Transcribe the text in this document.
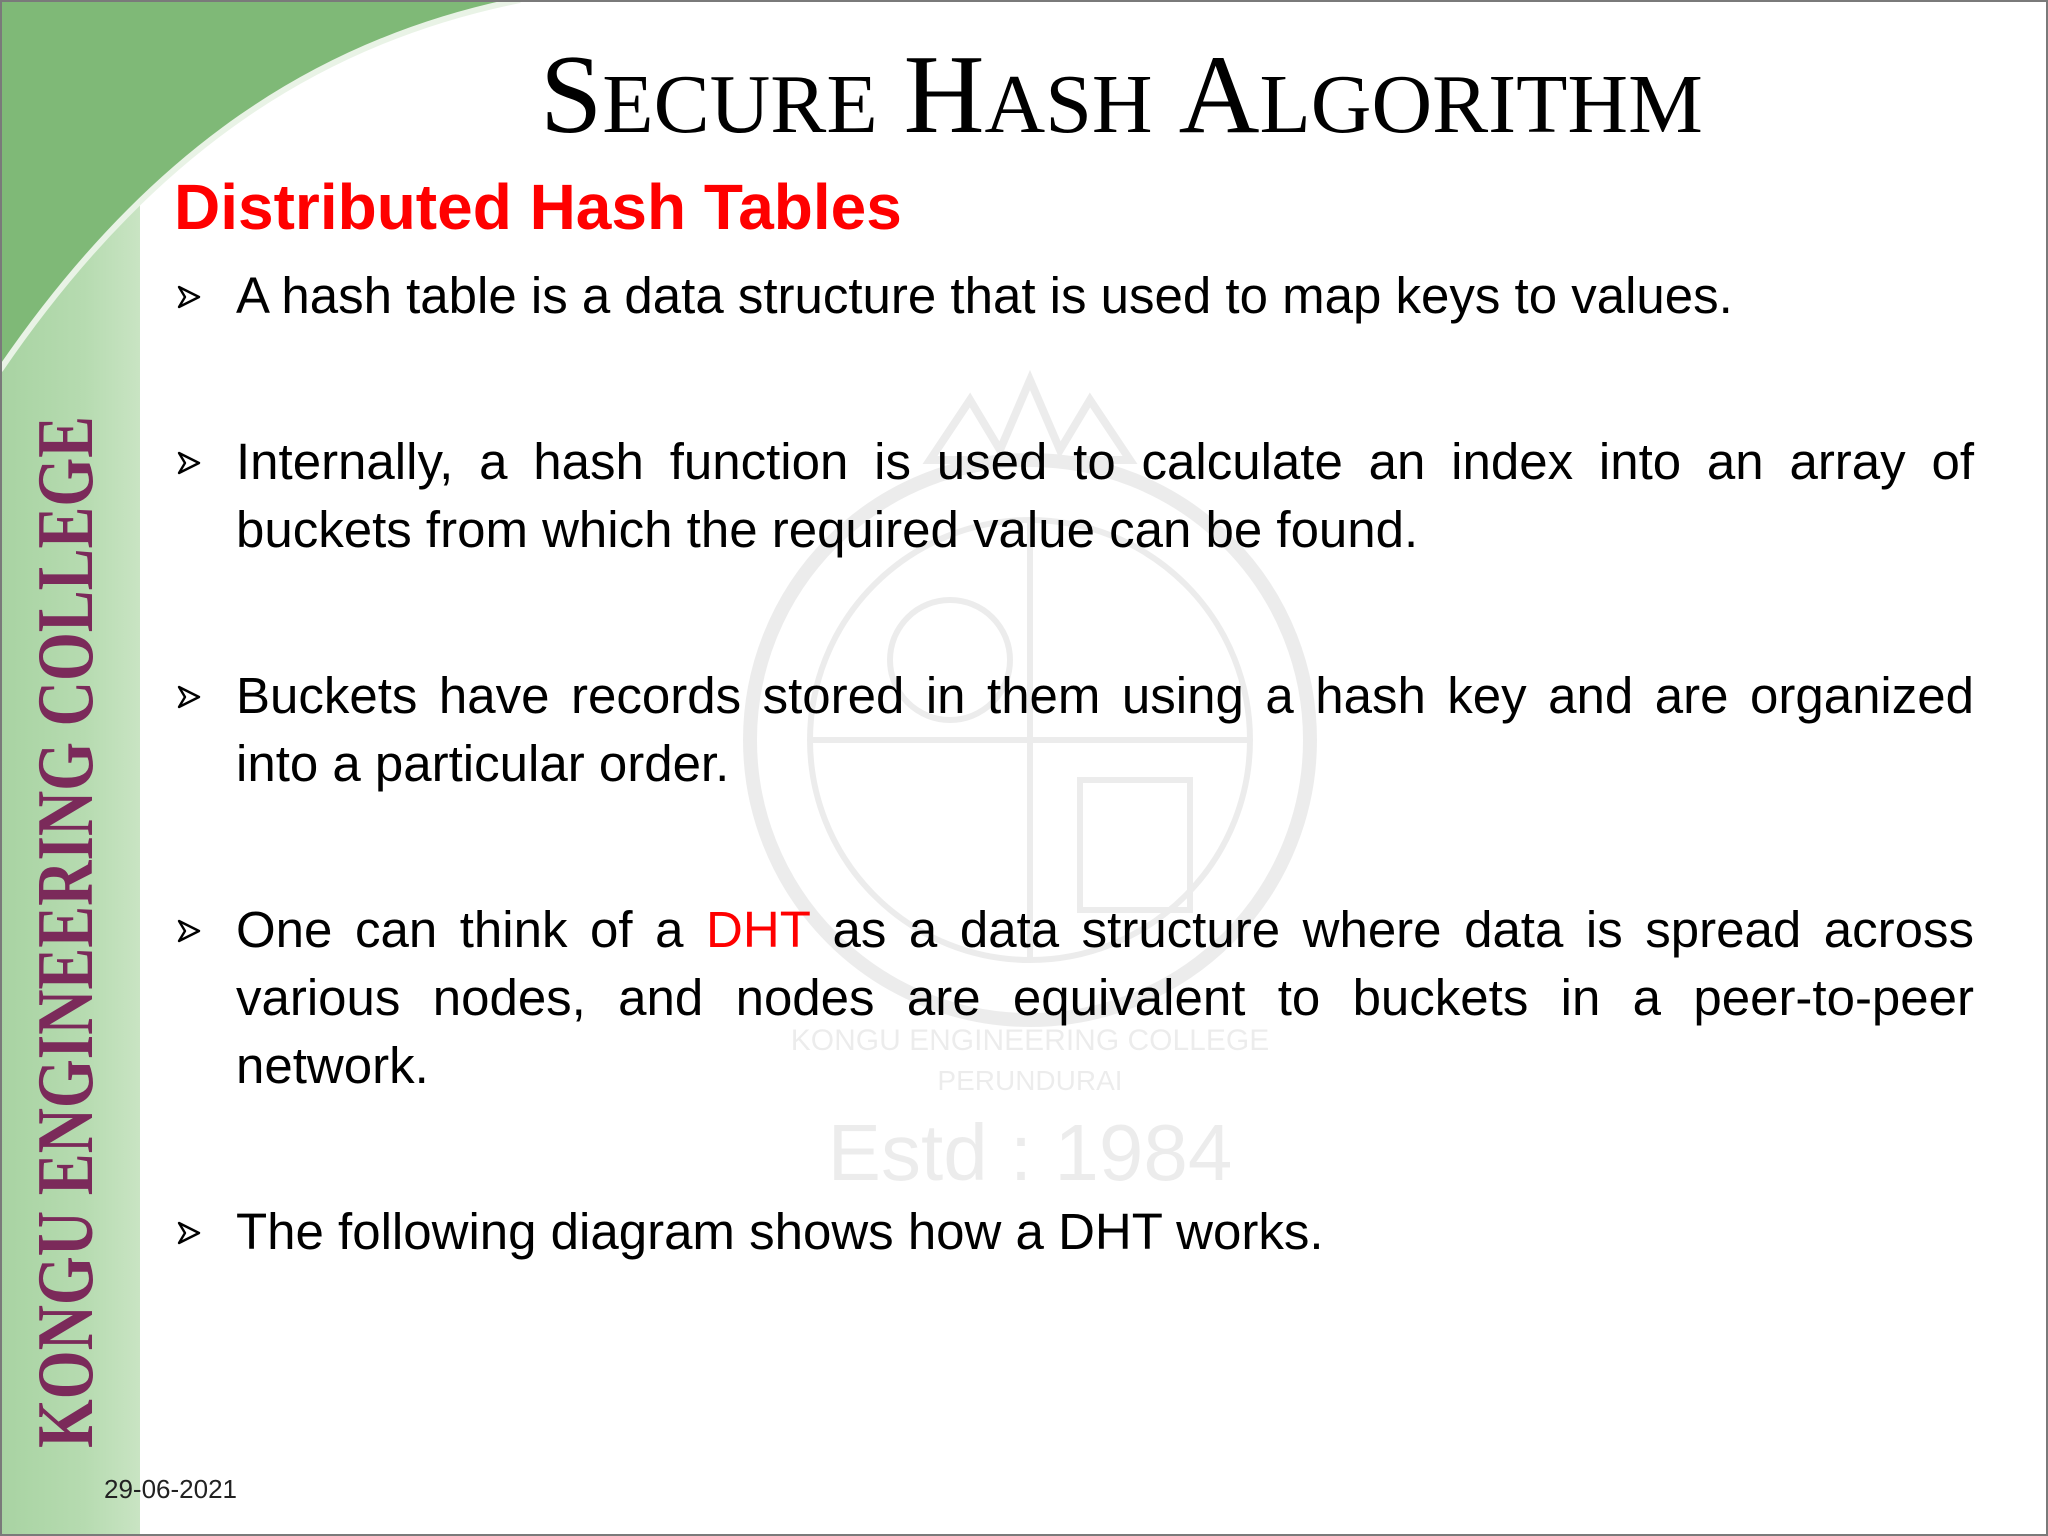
KONGU ENGINEERING COLLEGE	KONGU ENGINEERING COLLEGE
PERUNDURAI
Estd : 1984
SECURE HASH ALGORITHM
Distributed Hash Tables
A hash table is a data structure that is used to map keys to values.
Internally, a hash function is used to calculate an index into an array of buckets from which the required value can be found.
Buckets have records stored in them using a hash key and are organized into a particular order.
One can think of a DHT as a data structure where data is spread across various nodes, and nodes are equivalent to buckets in a peer-to-peer network.
The following diagram shows how a DHT works.
29-06-2021
